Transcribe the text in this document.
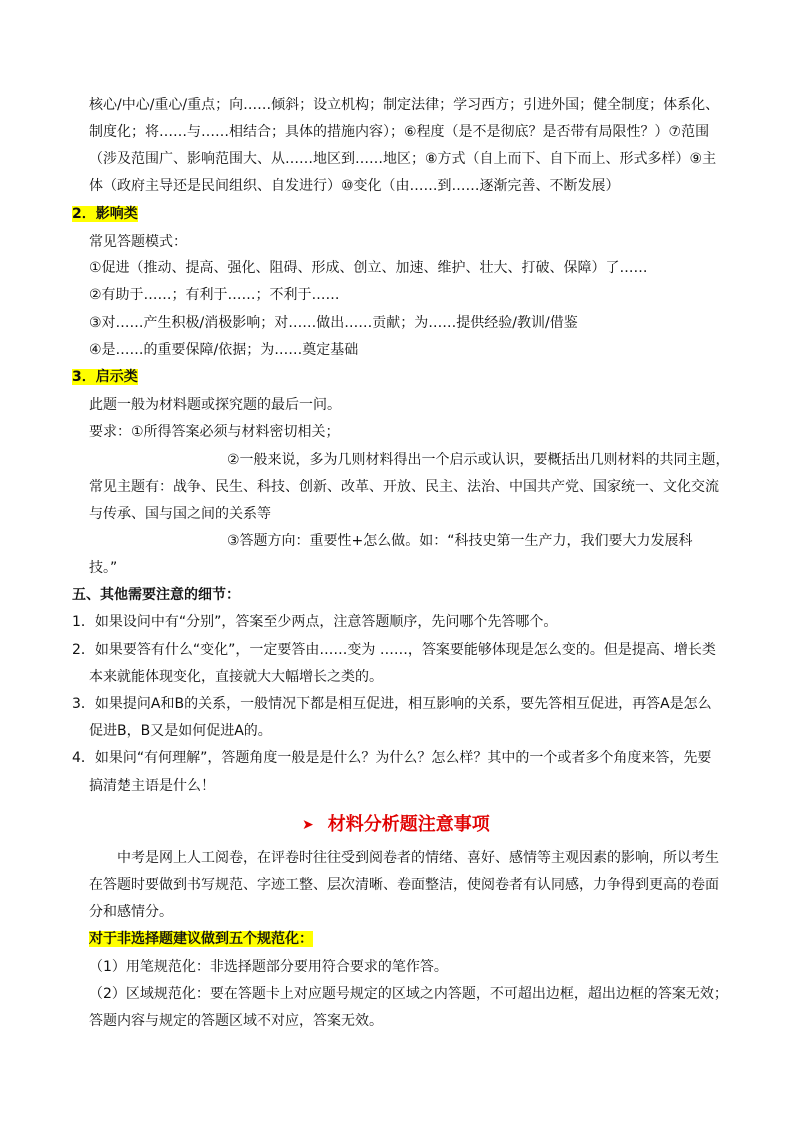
核心/中心/重心/重点；向……倾斜；设立机构；制定法律；学习西方；引进外国；健全制度；体系化、
制度化；将……与……相结合；具体的措施内容）；⑥程度（是不是彻底？是否带有局限性？）⑦范围
（涉及范围广、影响范围大、从……地区到……地区；⑧方式（自上而下、自下而上、形式多样）⑨主
体（政府主导还是民间组织、自发进行）⑩变化（由……到……逐渐完善、不断发展）
2．影响类
常见答题模式：
①促进（推动、提高、强化、阻碍、形成、创立、加速、维护、壮大、打破、保障）了……
②有助于……；有利于……；不利于……
③对……产生积极/消极影响；对……做出……贡献；为……提供经验/教训/借鉴
④是……的重要保障/依据；为……奠定基础
3．启示类
此题一般为材料题或探究题的最后一问。
要求：①所得答案必须与材料密切相关；
②一般来说，多为几则材料得出一个启示或认识，要概括出几则材料的共同主题，
常见主题有：战争、民生、科技、创新、改革、开放、民主、法治、中国共产党、国家统一、文化交流
与传承、国与国之间的关系等
③答题方向：重要性+怎么做。如：“科技史第一生产力，我们要大力发展科
技。”
五、其他需要注意的细节：
1．如果设问中有“分别”，答案至少两点，注意答题顺序，先问哪个先答哪个。
2．如果要答有什么“变化”，一定要答由……变为 ……，答案要能够体现是怎么变的。但是提高、增长类
本来就能体现变化，直接就大大幅增长之类的。
3．如果提问A和B的关系，一般情况下都是相互促进，相互影响的关系，要先答相互促进，再答A是怎么
促进B，B又是如何促进A的。
4．如果问“有何理解”，答题角度一般是是什么？为什么？怎么样？其中的一个或者多个角度来答，先要
搞清楚主语是什么！
➤ 材料分析题注意事项
中考是网上人工阅卷，在评卷时往往受到阅卷者的情绪、喜好、感情等主观因素的影响，所以考生
在答题时要做到书写规范、字迹工整、层次清晰、卷面整洁，使阅卷者有认同感，力争得到更高的卷面
分和感情分。
对于非选择题建议做到五个规范化：
（1）用笔规范化：非选择题部分要用符合要求的笔作答。
（2）区域规范化：要在答题卡上对应题号规定的区域之内答题，不可超出边框，超出边框的答案无效；
答题内容与规定的答题区域不对应，答案无效。
